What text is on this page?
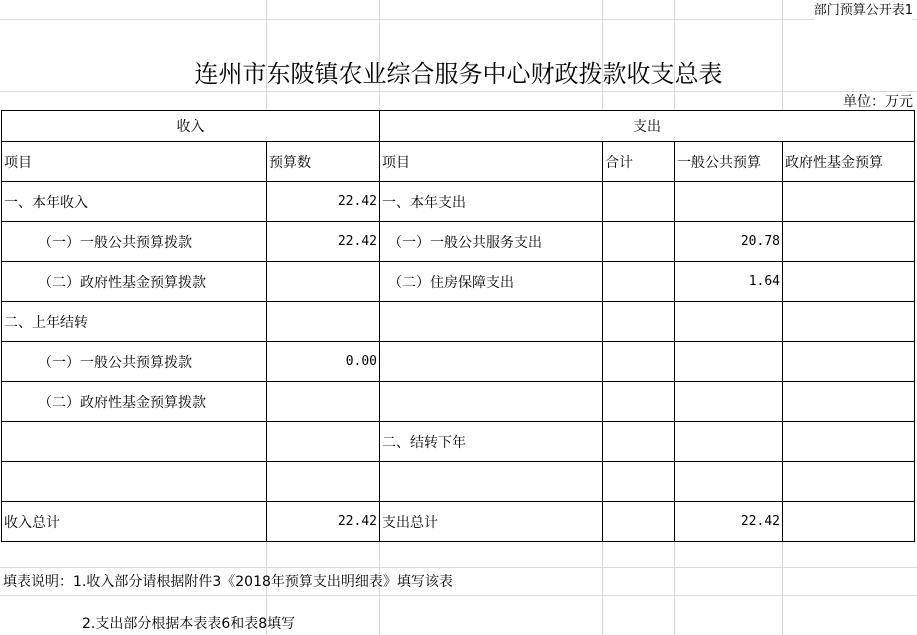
部门预算公开表1
连州市东陂镇农业综合服务中心财政拨款收支总表
单位：万元
收入		支出			
项目	预算数	项目	合计	一般公共预算	政府性基金预算
一、本年收入	22.42	一、本年支出			
（一）一般公共预算拨款	22.42	（一）一般公共服务支出		20.78	
（二）政府性基金预算拨款		（二）住房保障支出		1.64	
二、上年结转					
（一）一般公共预算拨款	0.00				
（二）政府性基金预算拨款					
		二、结转下年			

收入总计	22.42	支出总计		22.42	
填表说明：1.收入部分请根据附件3《2018年预算支出明细表》填写该表
2.支出部分根据本表表6和表8填写
